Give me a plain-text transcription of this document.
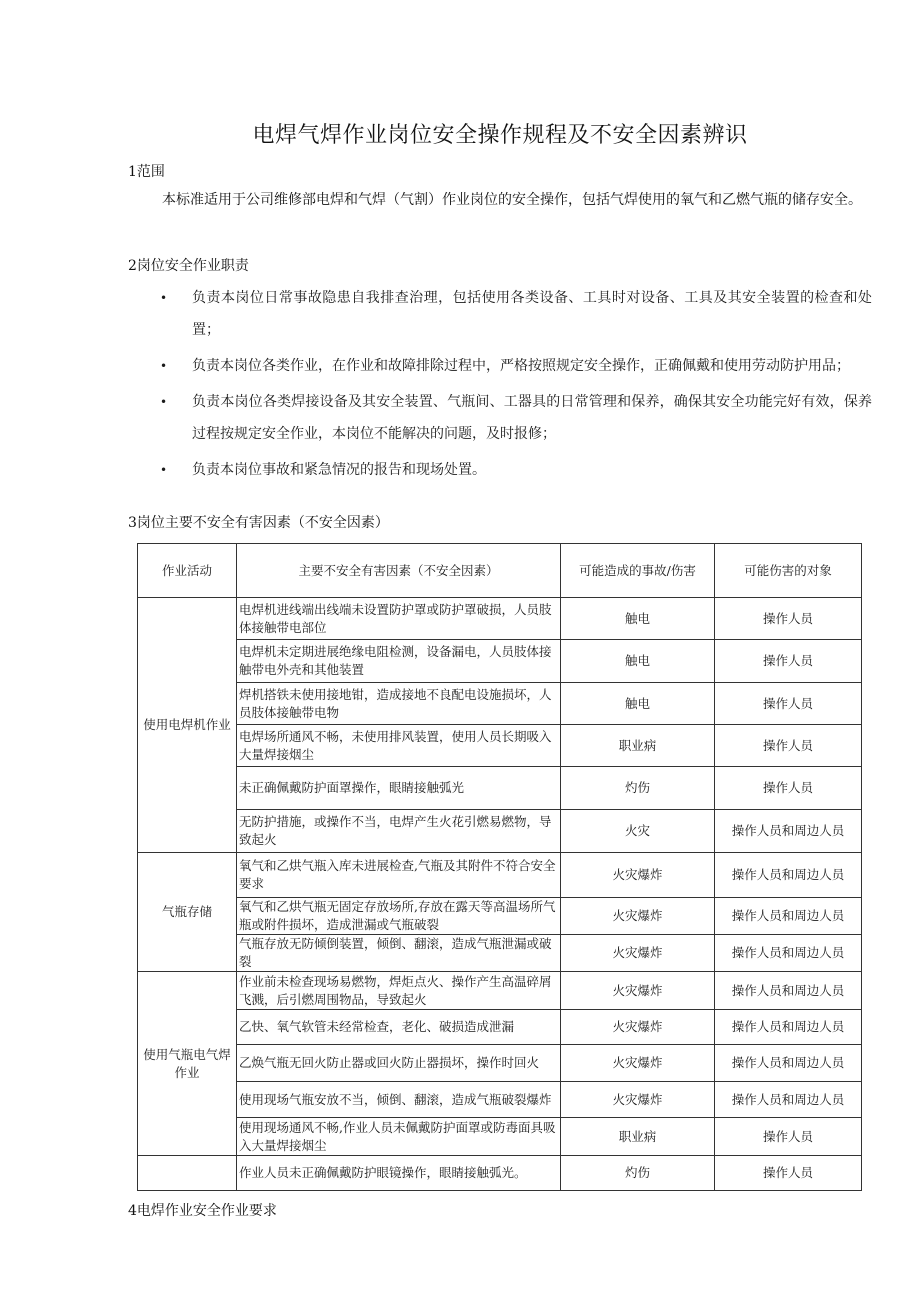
电焊气焊作业岗位安全操作规程及不安全因素辨识
1范围
本标准适用于公司维修部电焊和气焊（气割）作业岗位的安全操作，包括气焊使用的氧气和乙燃气瓶的储存安全。
2岗位安全作业职责
• 负责本岗位日常事故隐患自我排查治理，包括使用各类设备、工具时对设备、工具及其安全装置的检查和处置；
• 负责本岗位各类作业，在作业和故障排除过程中，严格按照规定安全操作，正确佩戴和使用劳动防护用品；
• 负责本岗位各类焊接设备及其安全装置、气瓶间、工器具的日常管理和保养，确保其安全功能完好有效，保养过程按规定安全作业，本岗位不能解决的问题，及时报修；
• 负责本岗位事故和紧急情况的报告和现场处置。
3岗位主要不安全有害因素（不安全因素）
作业活动	主要不安全有害因素（不安全因素）	可能造成的事故/伤害	可能伤害的对象
使用电焊机作业	电焊机进线端出线端未设置防护罩或防护罩破损，人员肢体接触带电部位	触电	操作人员
	电焊机未定期进展绝缘电阻检测，设备漏电，人员肢体接触带电外壳和其他装置	触电	操作人员
	焊机搭铁未使用接地钳，造成接地不良配电设施损坏，人员肢体接触带电物	触电	操作人员
	电焊场所通风不畅，未使用排风装置，使用人员长期吸入大量焊接烟尘	职业病	操作人员
	未正确佩戴防护面罩操作，眼睛接触弧光	灼伤	操作人员
	无防护措施，或操作不当，电焊产生火花引燃易燃物，导致起火	火灾	操作人员和周边人员
气瓶存储	氧气和乙烘气瓶入库未进展检查,气瓶及其附件不符合安全要求	火灾爆炸	操作人员和周边人员
	氧气和乙烘气瓶无固定存放场所,存放在露天等高温场所气瓶或附件损坏，造成泄漏或气瓶破裂	火灾爆炸	操作人员和周边人员
	气瓶存放无防倾倒装置，倾倒、翻滚，造成气瓶泄漏或破裂	火灾爆炸	操作人员和周边人员
使用气瓶电气焊作业	作业前未检查现场易燃物，焊炬点火、操作产生高温碎屑飞溅，后引燃周围物品，导致起火	火灾爆炸	操作人员和周边人员
	乙快、氧气软管未经常检查，老化、破损造成泄漏	火灾爆炸	操作人员和周边人员
	乙焕气瓶无回火防止器或回火防止器损坏，操作时回火	火灾爆炸	操作人员和周边人员
	使用现场气瓶安放不当，倾倒、翻滚，造成气瓶破裂爆炸	火灾爆炸	操作人员和周边人员
	使用现场通风不畅,作业人员未佩戴防护面罩或防毒面具吸入大量焊接烟尘	职业病	操作人员
	作业人员未正确佩戴防护眼镜操作，眼睛接触弧光。	灼伤	操作人员
4电焊作业安全作业要求
